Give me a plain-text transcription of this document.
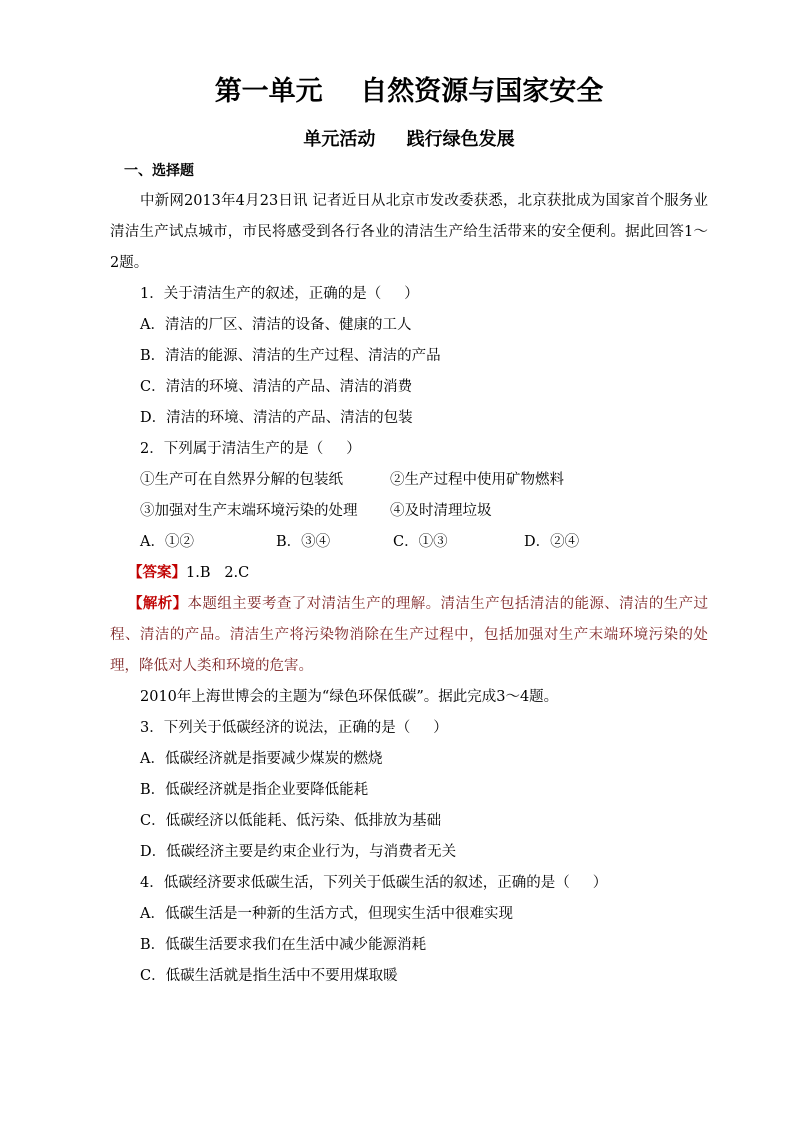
第一单元    自然资源与国家安全
单元活动     践行绿色发展
一、选择题

中新网2013年4月23日讯 记者近日从北京市发改委获悉，北京获批成为国家首个服务业清洁生产试点城市，市民将感受到各行各业的清洁生产给生活带来的安全便利。据此回答1～2题。

1．关于清洁生产的叙述，正确的是（     ）
A．清洁的厂区、清洁的设备、健康的工人
B．清洁的能源、清洁的生产过程、清洁的产品
C．清洁的环境、清洁的产品、清洁的消费
D．清洁的环境、清洁的产品、清洁的包装
2．下列属于清洁生产的是（     ）
①生产可在自然界分解的包装纸	②生产过程中使用矿物燃料
③加强对生产末端环境污染的处理	④及时清理垃圾
A．①②	B．③④	C．①③	D．②④
【答案】1.B   2.C

【解析】本题组主要考查了对清洁生产的理解。清洁生产包括清洁的能源、清洁的生产过程、清洁的产品。清洁生产将污染物消除在生产过程中，包括加强对生产末端环境污染的处理，降低对人类和环境的危害。

2010年上海世博会的主题为“绿色环保低碳”。据此完成3～4题。
3．下列关于低碳经济的说法，正确的是（     ）
A．低碳经济就是指要减少煤炭的燃烧
B．低碳经济就是指企业要降低能耗
C．低碳经济以低能耗、低污染、低排放为基础
D．低碳经济主要是约束企业行为，与消费者无关
4．低碳经济要求低碳生活，下列关于低碳生活的叙述，正确的是（     ）
A．低碳生活是一种新的生活方式，但现实生活中很难实现
B．低碳生活要求我们在生活中减少能源消耗
C．低碳生活就是指生活中不要用煤取暖
